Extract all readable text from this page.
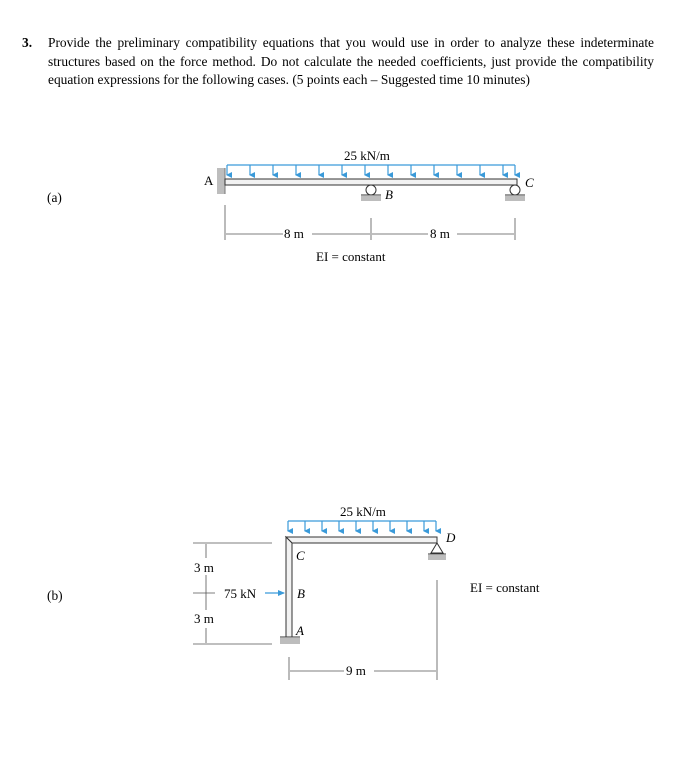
3. Provide the preliminary compatibility equations that you would use in order to analyze these indeterminate structures based on the force method. Do not calculate the needed coefficients, just provide the compatibility equation expressions for the following cases. (5 points each – Suggested time 10 minutes)
(a)
25 kN/m
A
B
C
8 m	8 m
EI = constant
(b)
25 kN/m
C
B
A
D
75 kN
3 m
3 m
9 m
EI = constant
